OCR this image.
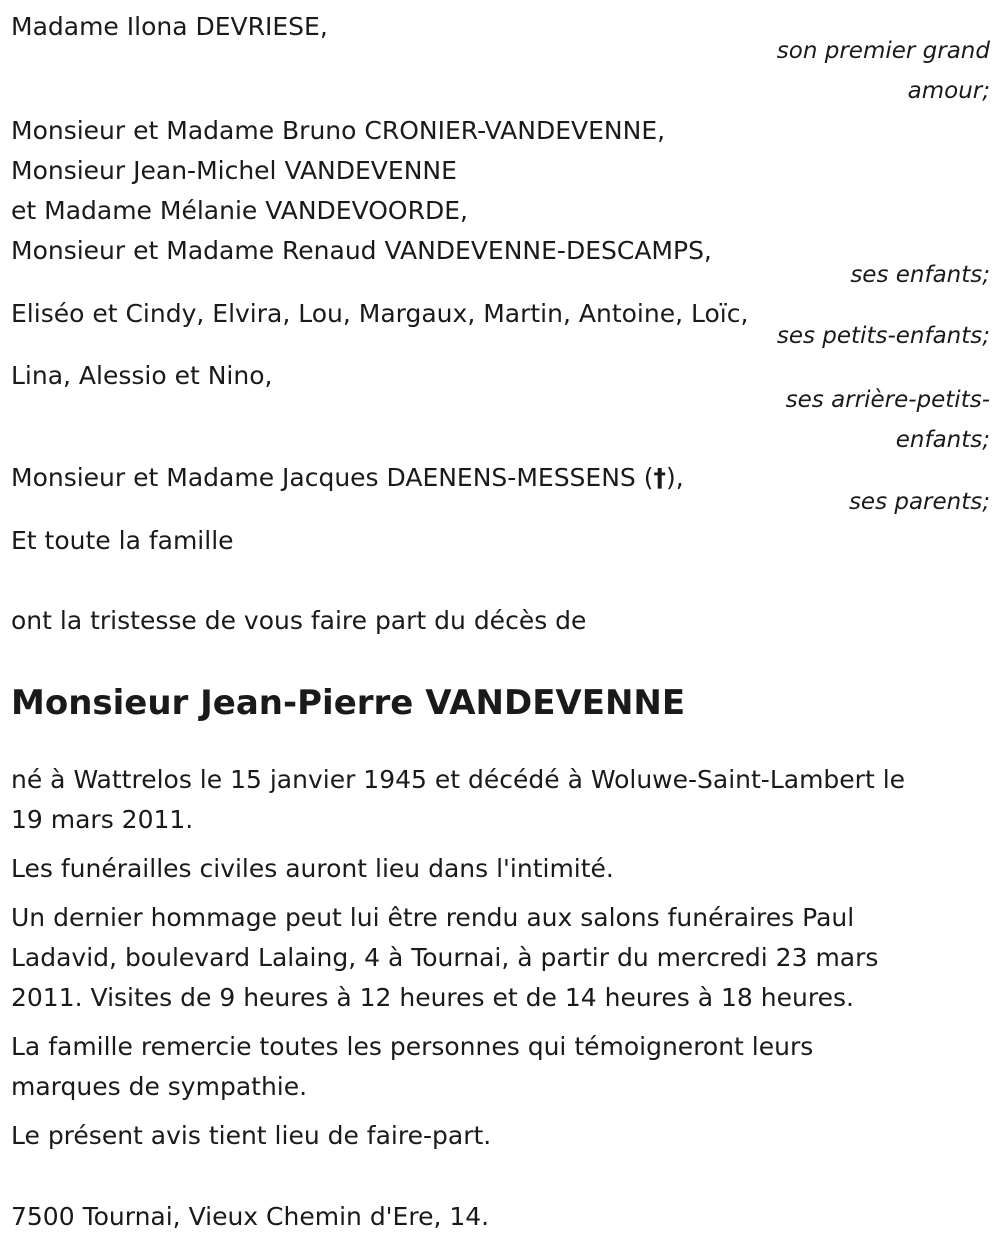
Madame Ilona DEVRIESE,
son premier grand
amour;
Monsieur et Madame Bruno CRONIER-VANDEVENNE,
Monsieur Jean-Michel VANDEVENNE
et Madame Mélanie VANDEVOORDE,
Monsieur et Madame Renaud VANDEVENNE-DESCAMPS,
ses enfants;
Eliséo et Cindy, Elvira, Lou, Margaux, Martin, Antoine, Loïc,
ses petits-enfants;
Lina, Alessio et Nino,
ses arrière-petits-
enfants;
Monsieur et Madame Jacques DAENENS-MESSENS (†),
ses parents;
Et toute la famille
ont la tristesse de vous faire part du décès de
Monsieur Jean-Pierre VANDEVENNE
né à Wattrelos le 15 janvier 1945 et décédé à Woluwe-Saint-Lambert le
19 mars 2011.
Les funérailles civiles auront lieu dans l'intimité.
Un dernier hommage peut lui être rendu aux salons funéraires Paul
Ladavid, boulevard Lalaing, 4 à Tournai, à partir du mercredi 23 mars
2011. Visites de 9 heures à 12 heures et de 14 heures à 18 heures.
La famille remercie toutes les personnes qui témoigneront leurs
marques de sympathie.
Le présent avis tient lieu de faire-part.
7500 Tournai, Vieux Chemin d'Ere, 14.
